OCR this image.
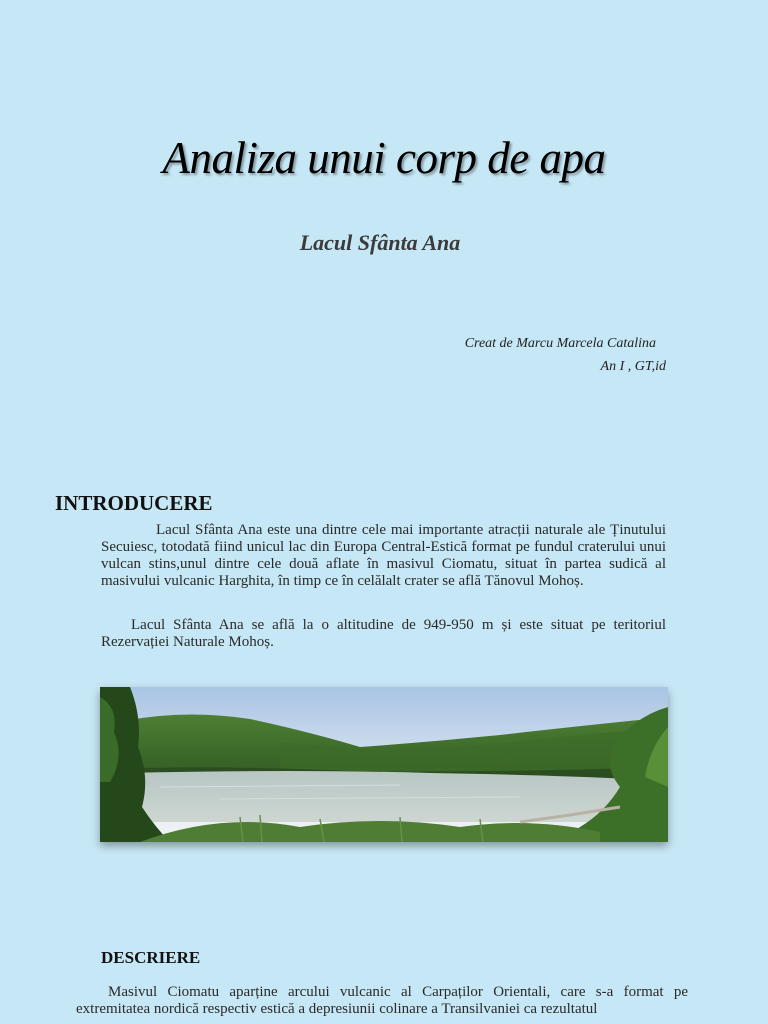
Analiza unui corp de apa
Lacul Sfânta Ana
Creat de Marcu Marcela Catalina
An I , GT,id
INTRODUCERE

Lacul Sfânta Ana este una dintre cele mai importante atracții naturale ale Ținutului Secuiesc, totodată fiind unicul lac din Europa Central-Estică format pe fundul craterului unui vulcan stins,unul dintre cele două aflate în masivul Ciomatu, situat în partea sudică al masivului vulcanic Harghita, în timp ce în celălalt crater se află Tănovul Mohoș.

Lacul Sfânta Ana se află la o altitudine de 949-950 m și este situat pe teritoriul Rezervației Naturale Mohoș.

DESCRIERE

Masivul Ciomatu aparține arcului vulcanic al Carpaților Orientali, care s-a format pe extremitatea nordică respectiv estică a depresiunii colinare a Transilvaniei ca rezultatul
